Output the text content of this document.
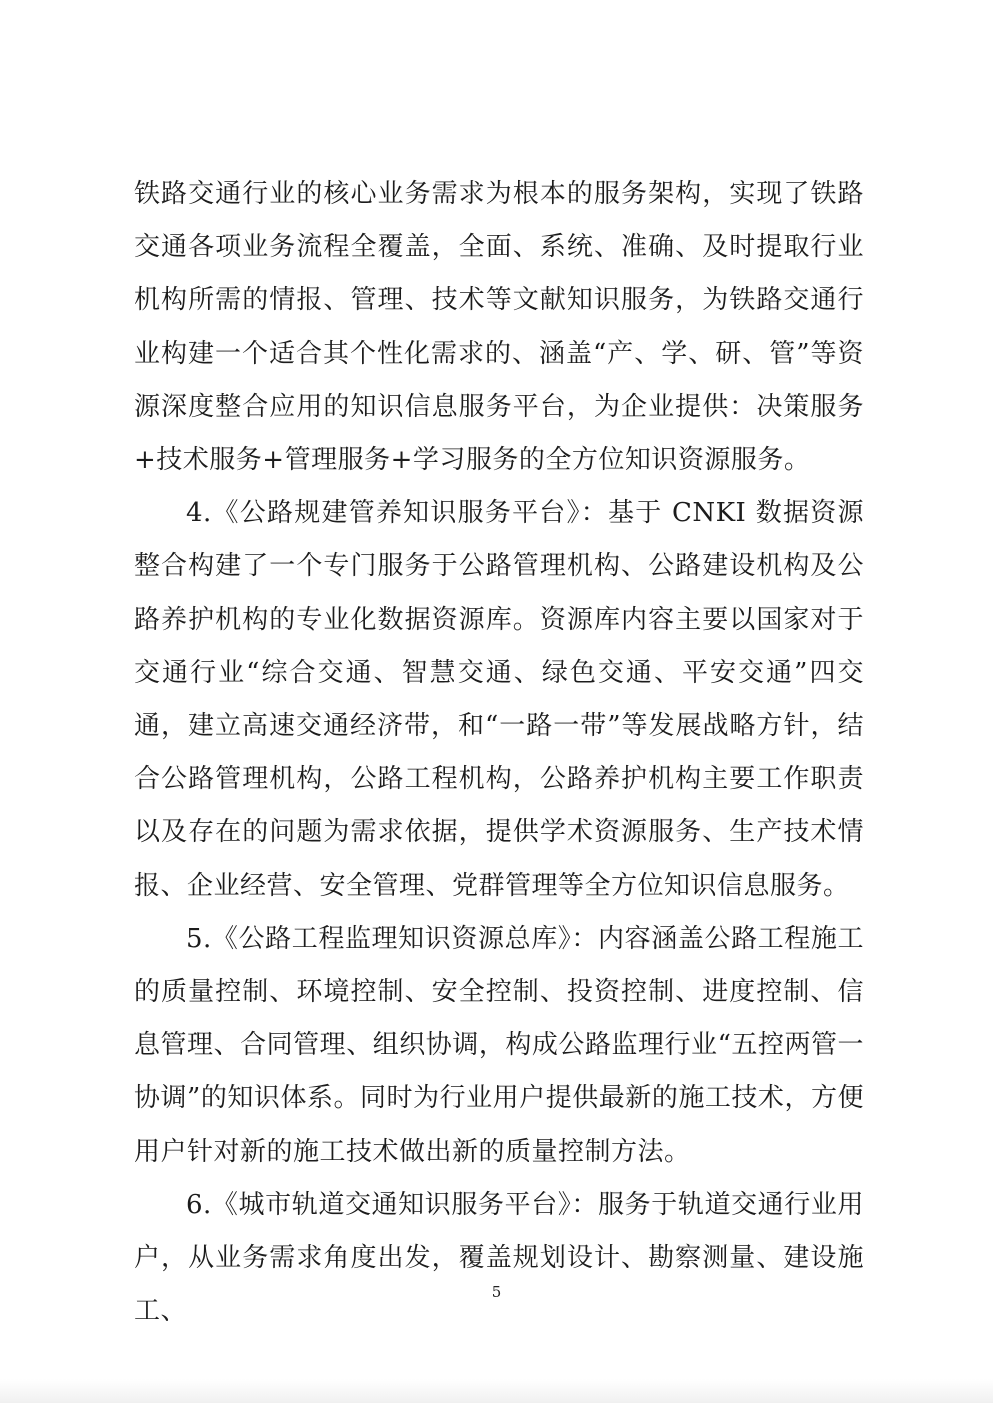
铁路交通行业的核心业务需求为根本的服务架构，实现了铁路交通各项业务流程全覆盖，全面、系统、准确、及时提取行业机构所需的情报、管理、技术等文献知识服务，为铁路交通行业构建一个适合其个性化需求的、涵盖“产、学、研、管”等资源深度整合应用的知识信息服务平台，为企业提供：决策服务+技术服务+管理服务+学习服务的全方位知识资源服务。

4.《公路规建管养知识服务平台》：基于 CNKI 数据资源整合构建了一个专门服务于公路管理机构、公路建设机构及公路养护机构的专业化数据资源库。资源库内容主要以国家对于交通行业“综合交通、智慧交通、绿色交通、平安交通”四交通，建立高速交通经济带，和“一路一带”等发展战略方针，结合公路管理机构，公路工程机构，公路养护机构主要工作职责以及存在的问题为需求依据，提供学术资源服务、生产技术情报、企业经营、安全管理、党群管理等全方位知识信息服务。

5.《公路工程监理知识资源总库》：内容涵盖公路工程施工的质量控制、环境控制、安全控制、投资控制、进度控制、信息管理、合同管理、组织协调，构成公路监理行业“五控两管一协调”的知识体系。同时为行业用户提供最新的施工技术，方便用户针对新的施工技术做出新的质量控制方法。

6.《城市轨道交通知识服务平台》：服务于轨道交通行业用户，从业务需求角度出发，覆盖规划设计、勘察测量、建设施工、

5
